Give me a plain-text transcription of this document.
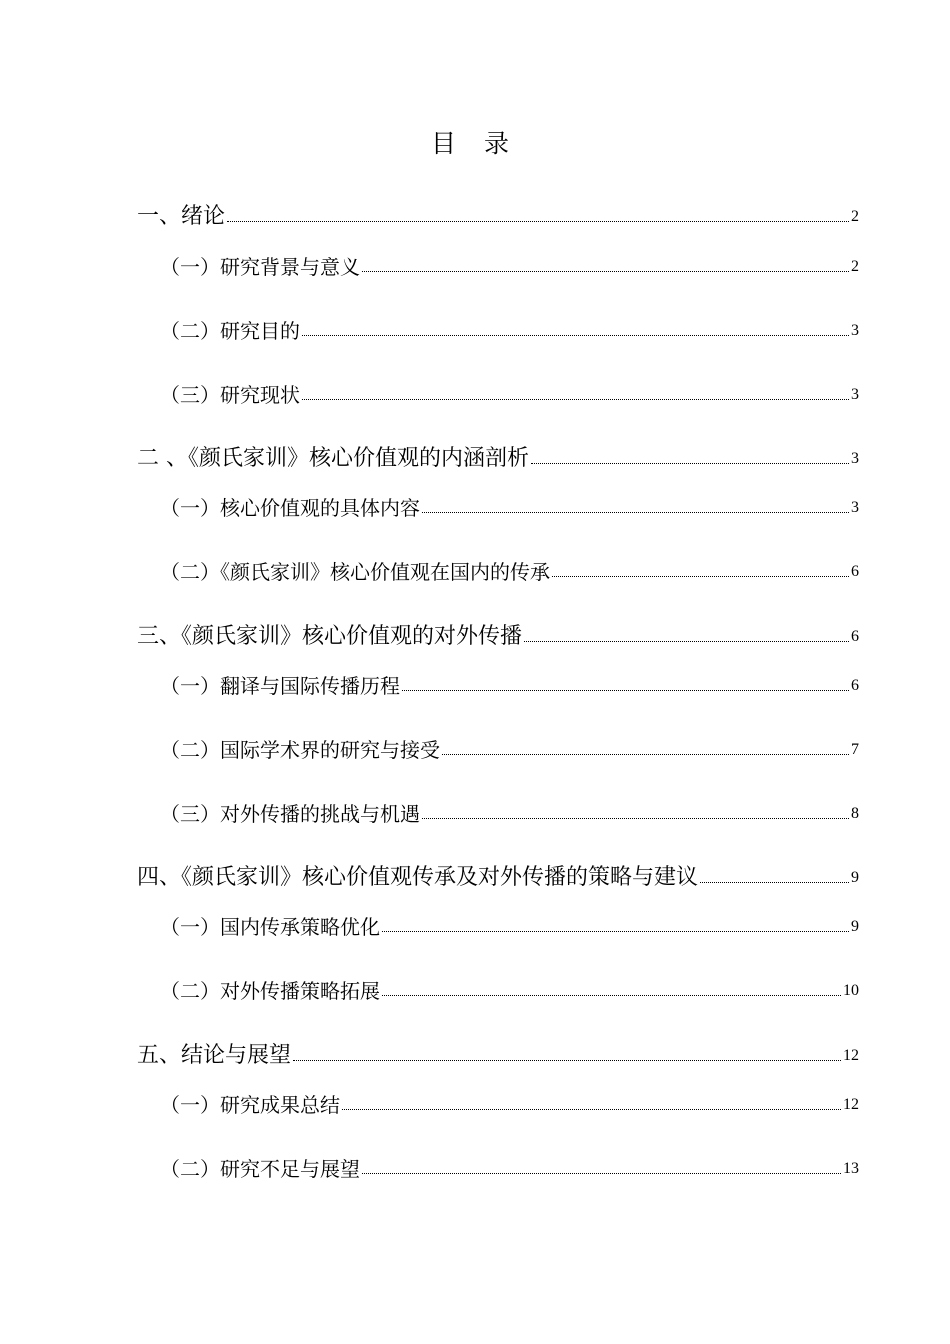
目 录
一、绪论	2
（一）研究背景与意义	2
（二）研究目的	3
（三）研究现状	3
二 、《颜氏家训》核心价值观的内涵剖析	3
（一）核心价值观的具体内容	3
（二）《颜氏家训》核心价值观在国内的传承	6
三、《颜氏家训》核心价值观的对外传播	6
（一）翻译与国际传播历程	6
（二）国际学术界的研究与接受	7
（三）对外传播的挑战与机遇	8
四、《颜氏家训》核心价值观传承及对外传播的策略与建议	9
（一）国内传承策略优化	9
（二）对外传播策略拓展	10
五、结论与展望	12
（一）研究成果总结	12
（二）研究不足与展望	13
